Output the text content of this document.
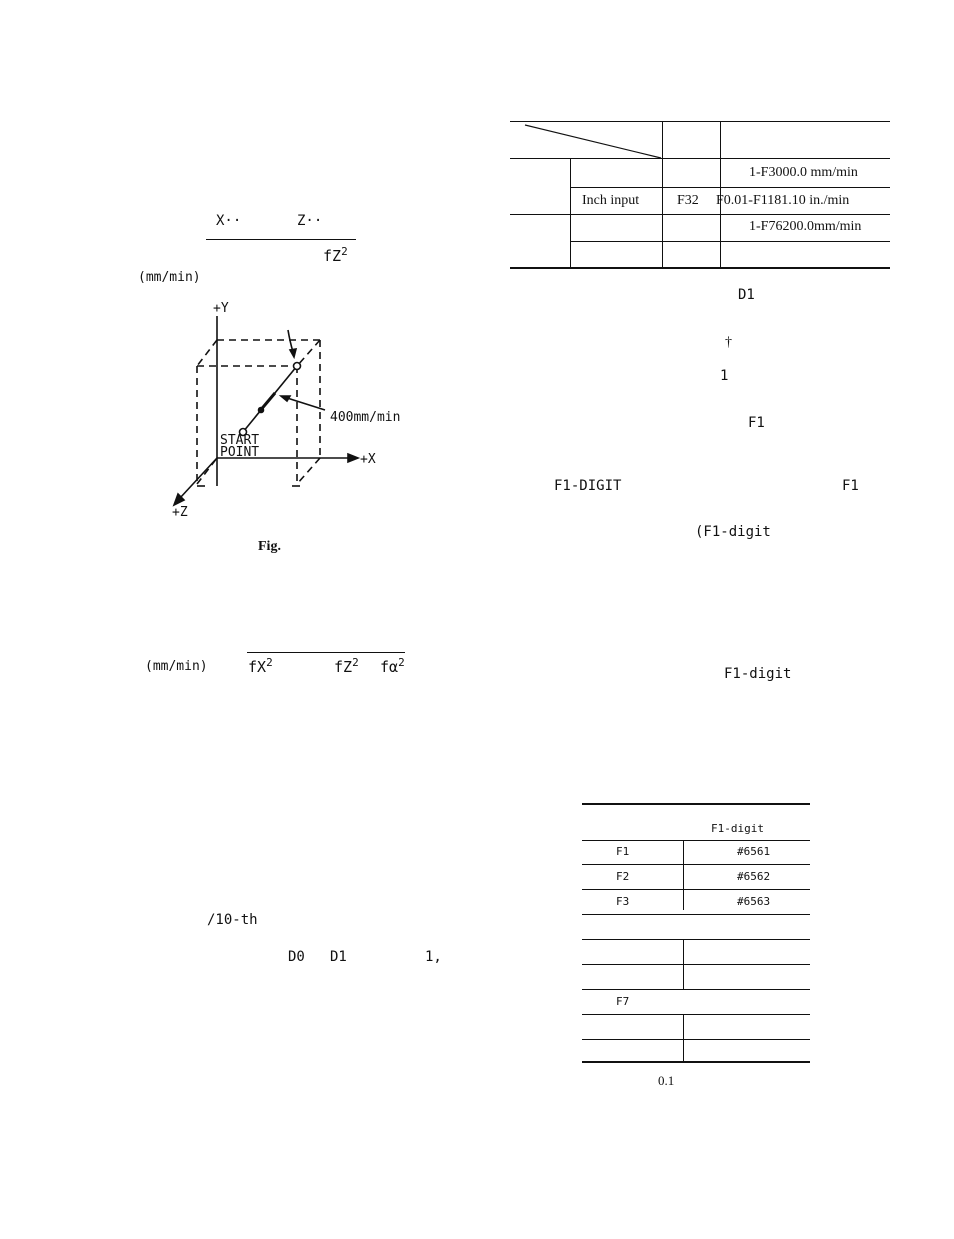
X··	Z··
$fZ^2$
(mm/min)
+Y
+X
+Z
400mm/min
START
POINT
Fig.
(mm/min)	$fX^2$	$fZ^2$ $f\alpha^2$
/10-th
D0 D1	1,
1-F3000.0 mm/min
Inch input	F32 F0.01-F1181.10 in./min
1-F76200.0mm/min
D1
†
1
F1
F1-DIGIT	F1
(F1-digit
F1-digit
F1-digit
F1	#6561
F2	#6562
F3	#6563
F7
0.1
